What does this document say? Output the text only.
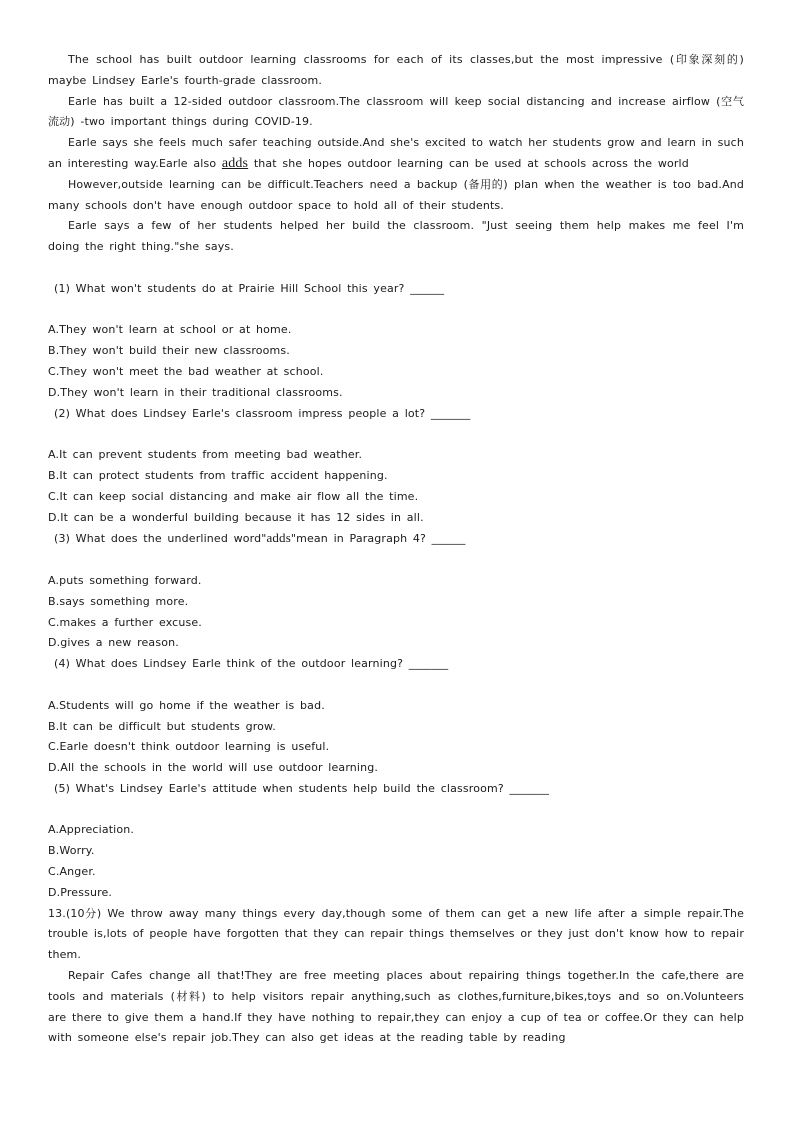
The school has built outdoor learning classrooms for each of its classes,but the most impressive (印象深刻的) maybe Lindsey Earle's fourth-grade classroom.

Earle has built a 12-sided outdoor classroom.The classroom will keep social distancing and increase airflow (空气流动) -two important things during COVID-19.

Earle says she feels much safer teaching outside.And she's excited to watch her students grow and learn in such an interesting way.Earle also adds that she hopes outdoor learning can be used at schools across the world

However,outside learning can be difficult.Teachers need a backup (备用的) plan when the weather is too bad.And many schools don't have enough outdoor space to hold all of their students.

Earle says a few of her students helped her build the classroom. "Just seeing them help makes me feel I'm doing the right thing."she says.

(1) What won't students do at Prairie Hill School this year? ______

A.They won't learn at school or at home.

B.They won't build their new classrooms.

C.They won't meet the bad weather at school.

D.They won't learn in their traditional classrooms.

(2) What does Lindsey Earle's classroom impress people a lot? _______

A.It can prevent students from meeting bad weather.

B.It can protect students from traffic accident happening.

C.It can keep social distancing and make air flow all the time.

D.It can be a wonderful building because it has 12 sides in all.

(3) What does the underlined word"adds"mean in Paragraph 4? ______

A.puts something forward.

B.says something more.

C.makes a further excuse.

D.gives a new reason.

(4) What does Lindsey Earle think of the outdoor learning? _______

A.Students will go home if the weather is bad.

B.It can be difficult but students grow.

C.Earle doesn't think outdoor learning is useful.

D.All the schools in the world will use outdoor learning.

(5) What's Lindsey Earle's attitude when students help build the classroom? _______

A.Appreciation.

B.Worry.

C.Anger.

D.Pressure.

13.(10分) We throw away many things every day,though some of them can get a new life after a simple repair.The trouble is,lots of people have forgotten that they can repair things themselves or they just don't know how to repair them.

Repair Cafes change all that!They are free meeting places about repairing things together.In the cafe,there are tools and materials (材料) to help visitors repair anything,such as clothes,furniture,bikes,toys and so on.Volunteers are there to give them a hand.If they have nothing to repair,they can enjoy a cup of tea or coffee.Or they can help with someone else's repair job.They can also get ideas at the reading table by reading
